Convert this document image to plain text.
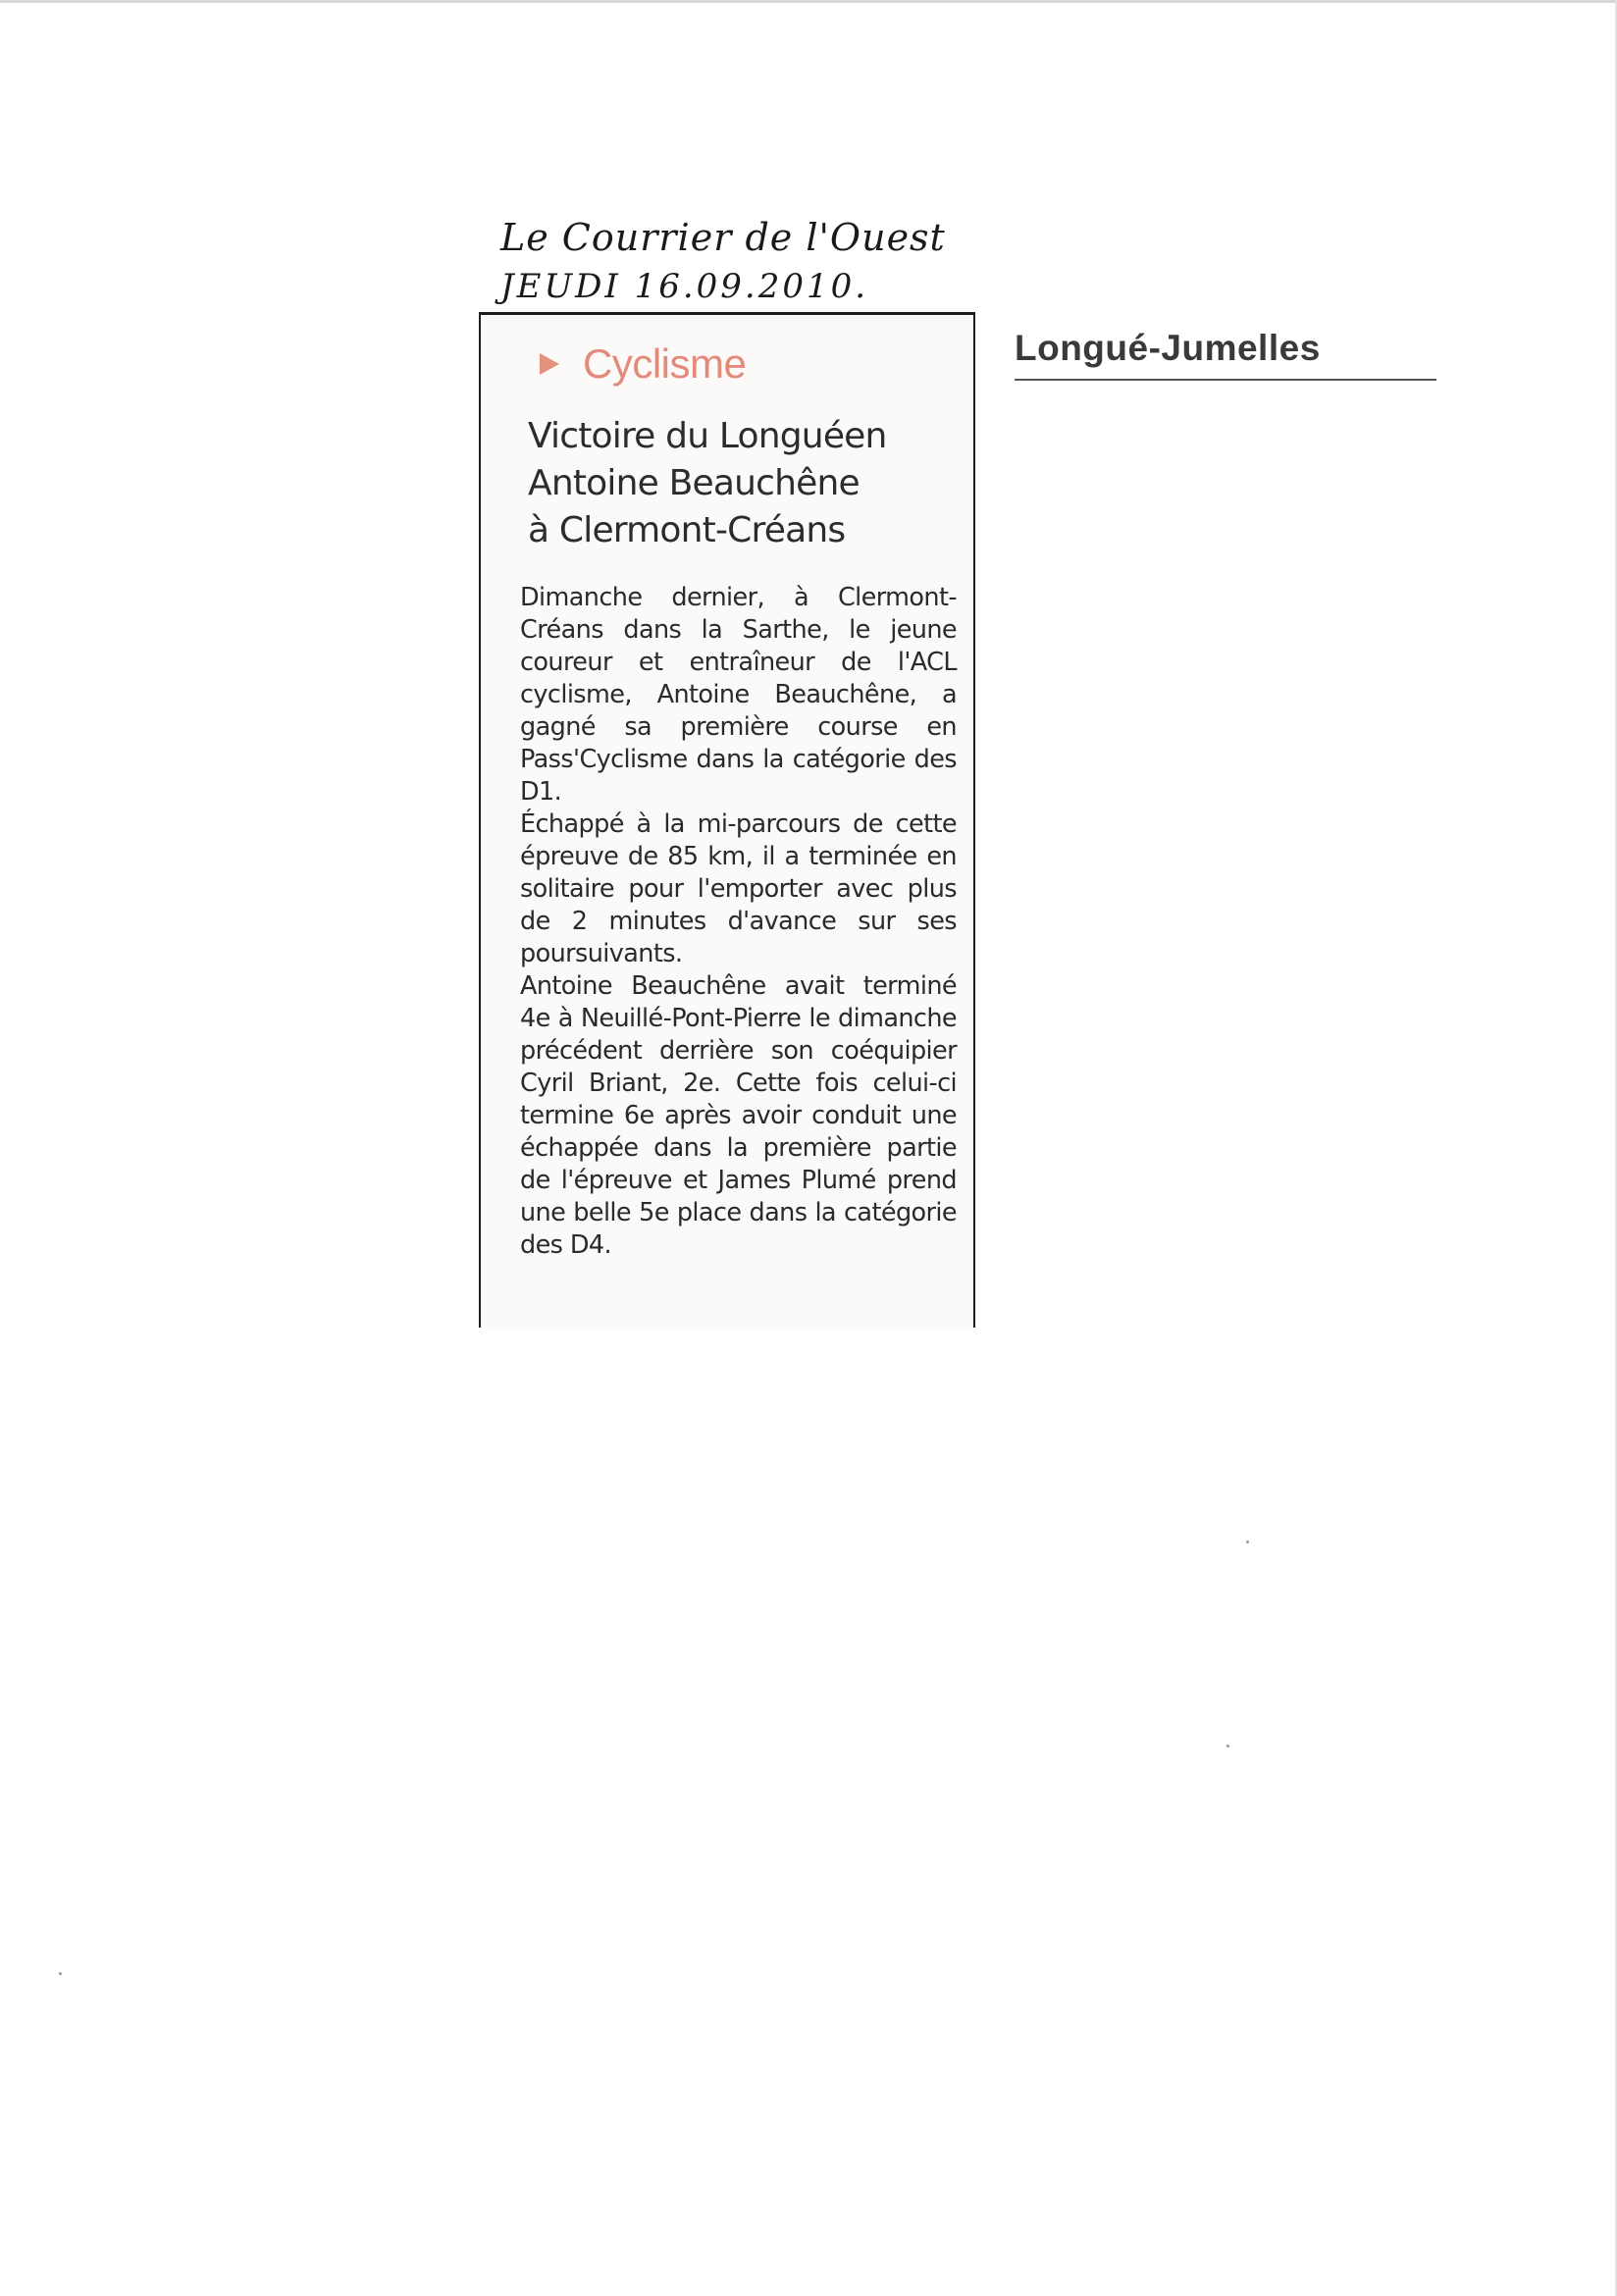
Le Courrier de l'Ouest
JEUDI 16.09.2010.
Cyclisme
Victoire du Longuéen
Antoine Beauchêne
à Clermont-Créans

Dimanche dernier, à Clermont-Créans dans la Sarthe, le jeune coureur et entraîneur de l'ACL cyclisme, Antoine Beauchêne, a gagné sa première course en Pass'Cyclisme dans la catégorie des D1.

Échappé à la mi-parcours de cette épreuve de 85 km, il a terminée en solitaire pour l'emporter avec plus de 2 minutes d'avance sur ses poursuivants.

Antoine Beauchêne avait terminé 4e à Neuillé-Pont-Pierre le dimanche précédent derrière son coéquipier Cyril Briant, 2e. Cette fois celui-ci termine 6e après avoir conduit une échappée dans la première partie de l'épreuve et James Plumé prend une belle 5e place dans la catégorie des D4.

Longué-Jumelles
